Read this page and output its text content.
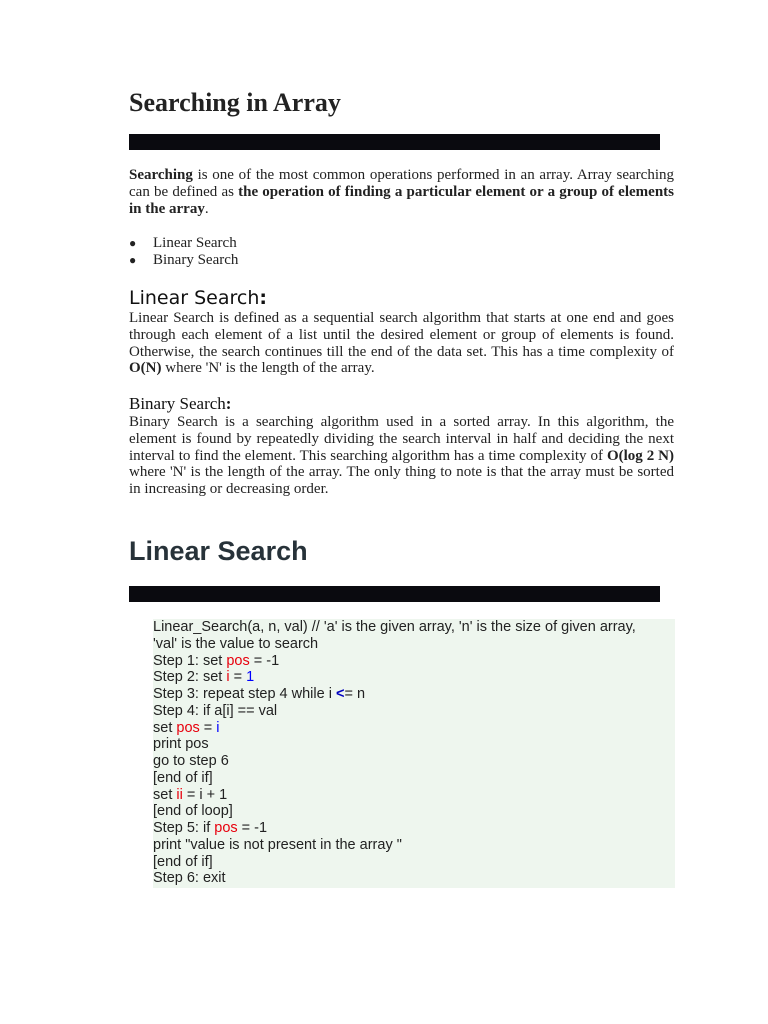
Searching in Array

Searching is one of the most common operations performed in an array. Array searching can be defined as the operation of finding a particular element or a group of elements in the array.

● Linear Search
● Binary Search
Linear Search:

Linear Search is defined as a sequential search algorithm that starts at one end and goes through each element of a list until the desired element or group of elements is found. Otherwise, the search continues till the end of the data set. This has a time complexity of O(N) where 'N' is the length of the array.

Binary Search:

Binary Search is a searching algorithm used in a sorted array. In this algorithm, the element is found by repeatedly dividing the search interval in half and deciding the next interval to find the element. This searching algorithm has a time complexity of O(log 2 N) where 'N' is the length of the array. The only thing to note is that the array must be sorted in increasing or decreasing order.

Linear Search
Linear_Search(a, n, val) // 'a' is the given array, 'n' is the size of given array,
'val' is the value to search
Step 1: set pos = -1
Step 2: set i = 1
Step 3: repeat step 4 while i <= n
Step 4: if a[i] == val
set pos = i
print pos
go to step 6
[end of if]
set ii = i + 1
[end of loop]
Step 5: if pos = -1
print "value is not present in the array "
[end of if]
Step 6: exit
